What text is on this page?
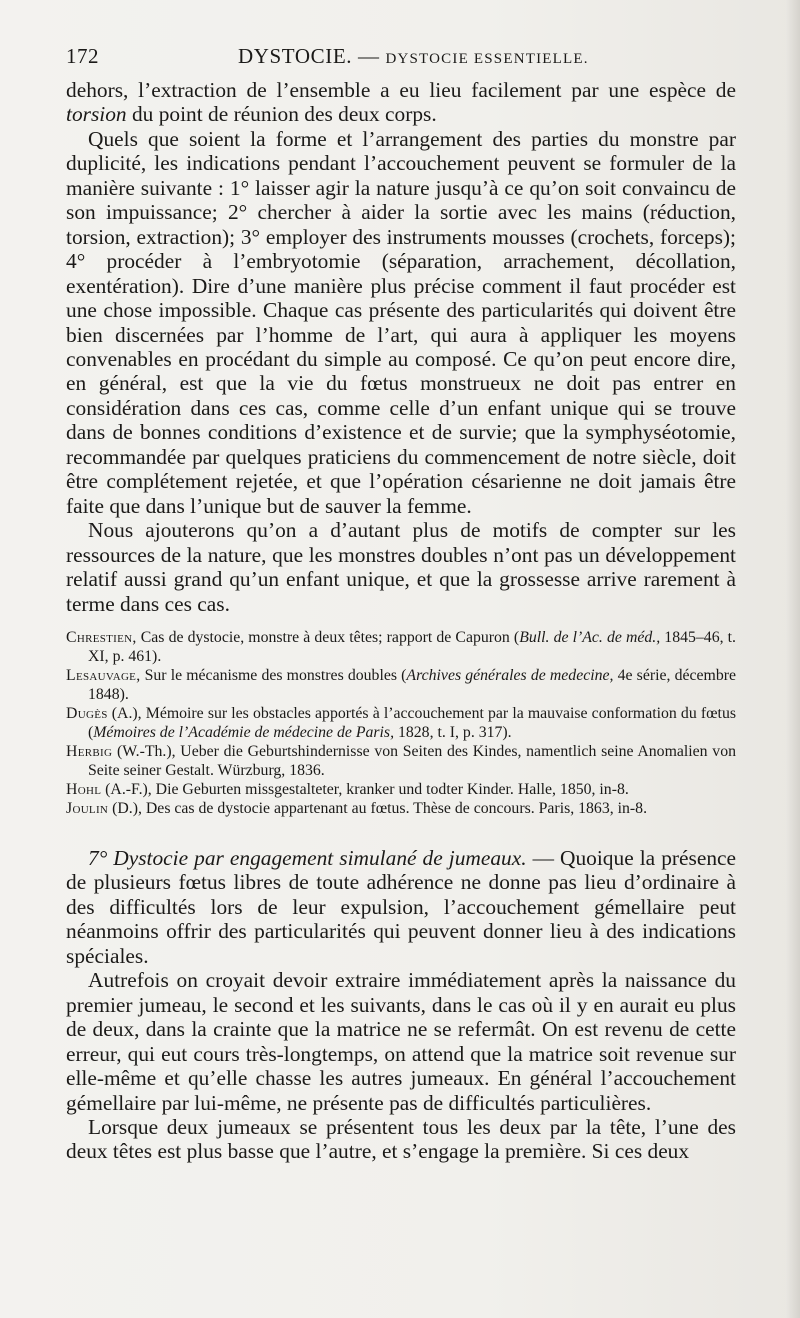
172	DYSTOCIE. — DYSTOCIE ESSENTIELLE.

dehors, l’extraction de l’ensemble a eu lieu facilement par une espèce de torsion du point de réunion des deux corps.

Quels que soient la forme et l’arrangement des parties du monstre par duplicité, les indications pendant l’accouchement peuvent se formuler de la manière suivante : 1° laisser agir la nature jusqu’à ce qu’on soit convaincu de son impuissance; 2° chercher à aider la sortie avec les mains (réduction, torsion, extraction); 3° employer des instruments mousses (crochets, forceps); 4° procéder à l’embryotomie (séparation, arrachement, décollation, exentération). Dire d’une manière plus précise comment il faut procéder est une chose impossible. Chaque cas présente des particularités qui doivent être bien discernées par l’homme de l’art, qui aura à appliquer les moyens convenables en procédant du simple au composé. Ce qu’on peut encore dire, en général, est que la vie du fœtus monstrueux ne doit pas entrer en considération dans ces cas, comme celle d’un enfant unique qui se trouve dans de bonnes conditions d’existence et de survie; que la symphyséotomie, recommandée par quelques praticiens du commencement de notre siècle, doit être complétement rejetée, et que l’opération césarienne ne doit jamais être faite que dans l’unique but de sauver la femme.

Nous ajouterons qu’on a d’autant plus de motifs de compter sur les ressources de la nature, que les monstres doubles n’ont pas un développement relatif aussi grand qu’un enfant unique, et que la grossesse arrive rarement à terme dans ces cas.

Chrestien, Cas de dystocie, monstre à deux têtes; rapport de Capuron (Bull. de l’Ac. de méd., 1845–46, t. XI, p. 461).

Lesauvage, Sur le mécanisme des monstres doubles (Archives générales de medecine, 4e série, décembre 1848).

Dugès (A.), Mémoire sur les obstacles apportés à l’accouchement par la mauvaise conformation du fœtus (Mémoires de l’Académie de médecine de Paris, 1828, t. I, p. 317).

Herbig (W.-Th.), Ueber die Geburtshindernisse von Seiten des Kindes, namentlich seine Anomalien von Seite seiner Gestalt. Würzburg, 1836.

Hohl (A.-F.), Die Geburten missgestalteter, kranker und todter Kinder. Halle, 1850, in-8.

Joulin (D.), Des cas de dystocie appartenant au fœtus. Thèse de concours. Paris, 1863, in-8.

7° Dystocie par engagement simulané de jumeaux. — Quoique la présence de plusieurs fœtus libres de toute adhérence ne donne pas lieu d’ordinaire à des difficultés lors de leur expulsion, l’accouchement gémellaire peut néanmoins offrir des particularités qui peuvent donner lieu à des indications spéciales.

Autrefois on croyait devoir extraire immédiatement après la naissance du premier jumeau, le second et les suivants, dans le cas où il y en aurait eu plus de deux, dans la crainte que la matrice ne se refermât. On est revenu de cette erreur, qui eut cours très-longtemps, on attend que la matrice soit revenue sur elle-même et qu’elle chasse les autres jumeaux. En général l’accouchement gémellaire par lui-même, ne présente pas de difficultés particulières.

Lorsque deux jumeaux se présentent tous les deux par la tête, l’une des deux têtes est plus basse que l’autre, et s’engage la première. Si ces deux
